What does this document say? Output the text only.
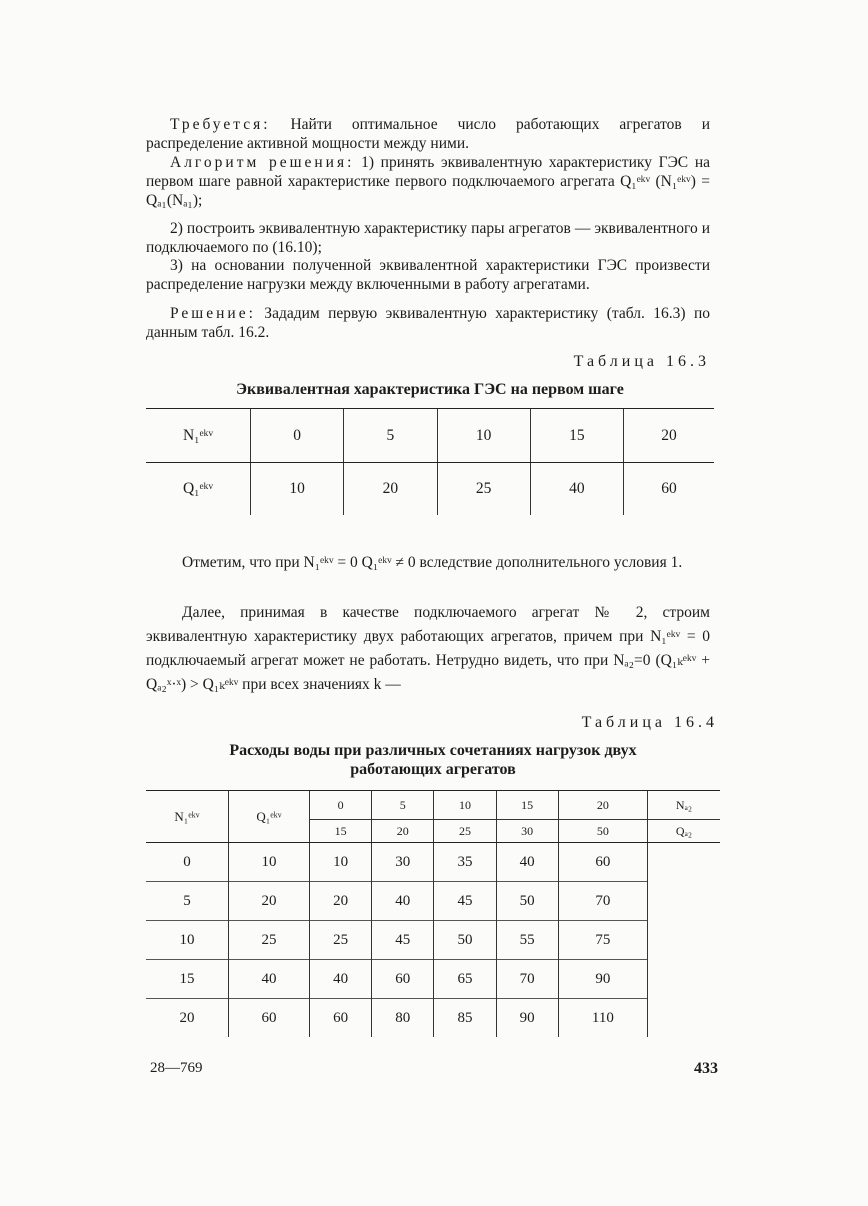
Требуется: Найти оптимальное число работающих агрегатов и распределение активной мощности между ними.

Алгоритм решения: 1) принять эквивалентную характеристику ГЭС на первом шаге равной характеристике первого подключаемого агрегата Q₁ᵉᵏᵛ (N₁ᵉᵏᵛ) = Qₐ₁(Nₐ₁);

2) построить эквивалентную характеристику пары агрегатов — эквивалентного и подключаемого по (16.10);

3) на основании полученной эквивалентной характеристики ГЭС произвести распределение нагрузки между включенными в работу агрегатами.

Решение: Зададим первую эквивалентную характеристику (табл. 16.3) по данным табл. 16.2.

Таблица 16.3
Эквивалентная характеристика ГЭС на первом шаге
N₁ᵉᵏᵛ	0	5	10	15	20
Q₁ᵉᵏᵛ	10	20	25	40	60

Отметим, что при N₁ᵉᵏᵛ = 0 Q₁ᵉᵏᵛ ≠ 0 вследствие дополнительного условия 1.

Далее, принимая в качестве подключаемого агрегат № 2, строим эквивалентную характеристику двух работающих агрегатов, причем при N₁ᵉᵏᵛ = 0 подключаемый агрегат может не работать. Нетрудно видеть, что при Nₐ₂=0 (Q₁ₖᵉᵏᵛ + Qₐ₂ˣ·ˣ) > Q₁ₖᵉᵏᵛ при всех значениях k —

Таблица 16.4
Расходы воды при различных сочетаниях нагрузок двух
работающих агрегатов
N₁ᵉᵏᵛ	Q₁ᵉᵏᵛ	0	5	10	15	20	Nₐ₂
		15	20	25	30	50	Qₐ₂
0	10	10	30	35	40	60	
5	20	20	40	45	50	70	
10	25	25	45	50	55	75	
15	40	40	60	65	70	90	
20	60	60	80	85	90	110	
28—769	433
